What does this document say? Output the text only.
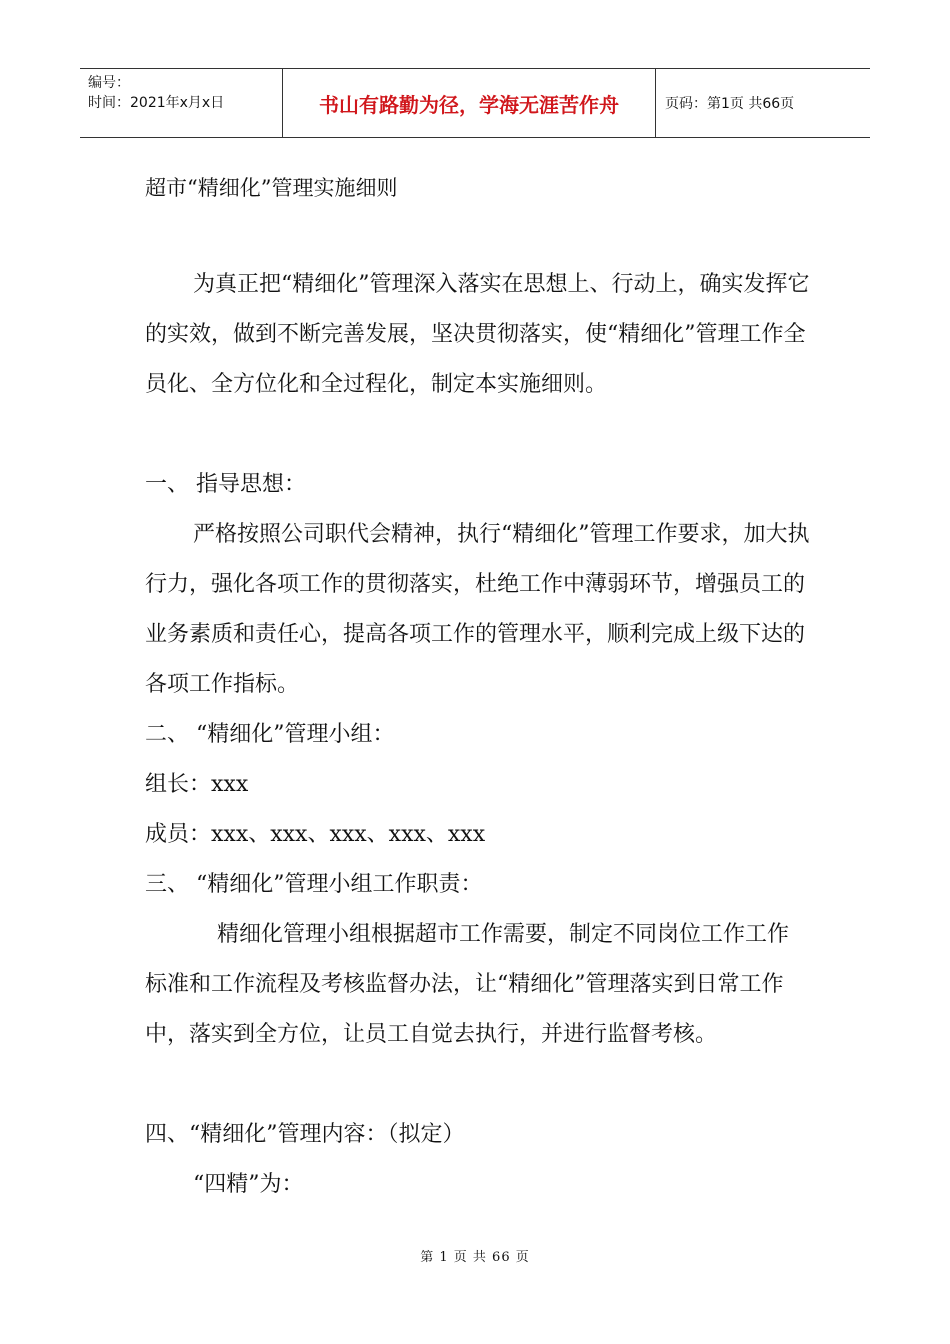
编号：
时间：2021年x月x日	书山有路勤为径，学海无涯苦作舟	页码：第1页 共66页
超市“精细化”管理实施细则

为真正把“精细化”管理深入落实在思想上、行动上，确实发挥它的实效，做到不断完善发展，坚决贯彻落实，使“精细化”管理工作全员化、全方位化和全过程化，制定本实施细则。

一、 指导思想：

严格按照公司职代会精神，执行“精细化”管理工作要求，加大执行力，强化各项工作的贯彻落实，杜绝工作中薄弱环节，增强员工的业务素质和责任心，提高各项工作的管理水平，顺利完成上级下达的各项工作指标。

二、 “精细化”管理小组：
组长：xxx
成员：xxx、xxx、xxx、xxx、xxx
三、 “精细化”管理小组工作职责：

精细化管理小组根据超市工作需要，制定不同岗位工作工作标准和工作流程及考核监督办法，让“精细化”管理落实到日常工作中，落实到全方位，让员工自觉去执行，并进行监督考核。

四、“精细化”管理内容：（拟定）
“四精”为：
第 1 页 共 66 页
